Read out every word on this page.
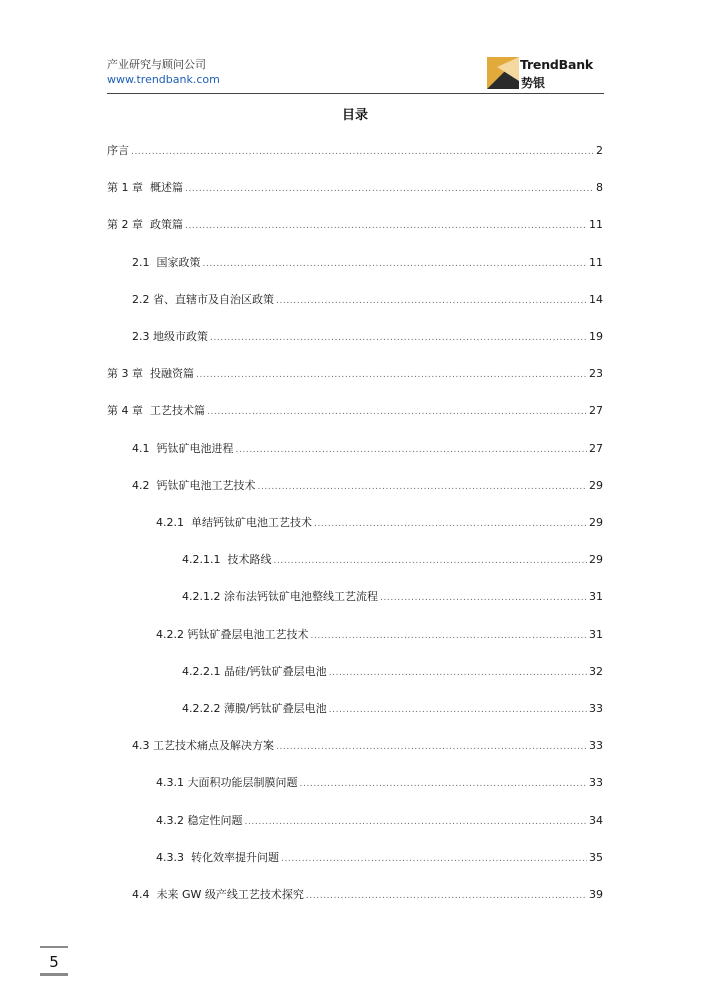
产业研究与顾问公司
www.trendbank.com
TrendBank
势银
目录
序言 .....	2
第 1 章  概述篇 .....	8
第 2 章  政策篇 .....	11
2.1  国家政策 .....	11
2.2 省、直辖市及自治区政策 .....	14
2.3 地级市政策 .....	19
第 3 章  投融资篇 .....	23
第 4 章  工艺技术篇 .....	27
4.1  钙钛矿电池进程 .....	27
4.2  钙钛矿电池工艺技术 .....	29
4.2.1  单结钙钛矿电池工艺技术 .....	29
4.2.1.1  技术路线 .....	29
4.2.1.2 涂布法钙钛矿电池整线工艺流程 .....	31
4.2.2 钙钛矿叠层电池工艺技术 .....	31
4.2.2.1 晶硅/钙钛矿叠层电池 .....	32
4.2.2.2 薄膜/钙钛矿叠层电池 .....	33
4.3 工艺技术痛点及解决方案 .....	33
4.3.1 大面积功能层制膜问题 .....	33
4.3.2 稳定性问题 .....	34
4.3.3  转化效率提升问题 .....	35
4.4  未来 GW 级产线工艺技术探究 .....	39
5
